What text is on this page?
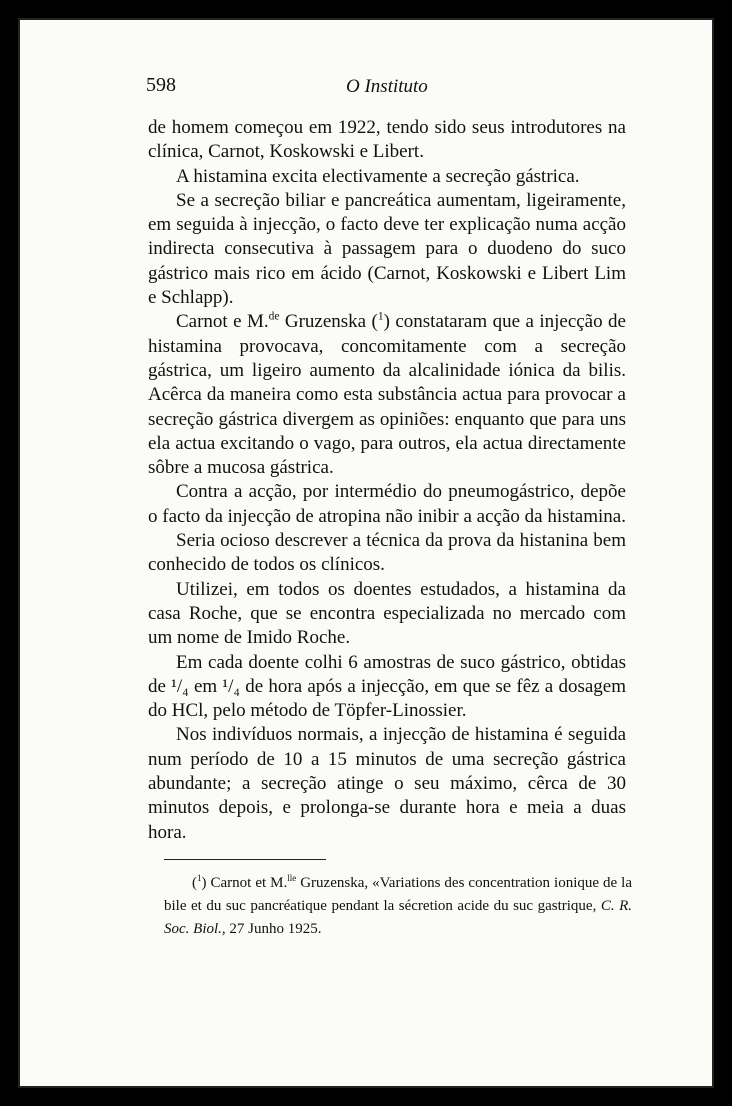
598	O Instituto

de homem começou em 1922, tendo sido seus introdutores na clínica, Carnot, Koskowski e Libert.

A histamina excita electivamente a secreção gástrica.

Se a secreção biliar e pancreática aumentam, ligeiramente, em seguida à injecção, o facto deve ter explicação numa acção indirecta consecutiva à passagem para o duodeno do suco gástrico mais rico em ácido (Carnot, Koskowski e Libert Lim e Schlapp).

Carnot e M.$^{de}$ Gruzenska ($^1$) constataram que a injecção de histamina provocava, concomitamente com a secreção gástrica, um ligeiro aumento da alcalinidade iónica da bilis. Acêrca da maneira como esta substância actua para provocar a secreção gástrica divergem as opiniões: enquanto que para uns ela actua excitando o vago, para outros, ela actua directamente sôbre a mucosa gástrica.

Contra a acção, por intermédio do pneumogástrico, depõe o facto da injecção de atropina não inibir a acção da histamina.

Seria ocioso descrever a técnica da prova da histanina bem conhecido de todos os clínicos.

Utilizei, em todos os doentes estudados, a histamina da casa Roche, que se encontra especializada no mercado com um nome de Imido Roche.

Em cada doente colhi 6 amostras de suco gástrico, obtidas de ¹/₄ em ¹/₄ de hora após a injecção, em que se fêz a dosagem do HCl, pelo método de Töpfer-Linossier.

Nos indivíduos normais, a injecção de histamina é seguida num período de 10 a 15 minutos de uma secreção gástrica abundante; a secreção atinge o seu máximo, cêrca de 30 minutos depois, e prolonga-se durante hora e meia a duas hora.

($^1$) Carnot et M.$^{lle}$ Gruzenska, «Variations des concentration ionique de la bile et du suc pancréatique pendant la sécretion acide du suc gastrique, C. R. Soc. Biol., 27 Junho 1925.
